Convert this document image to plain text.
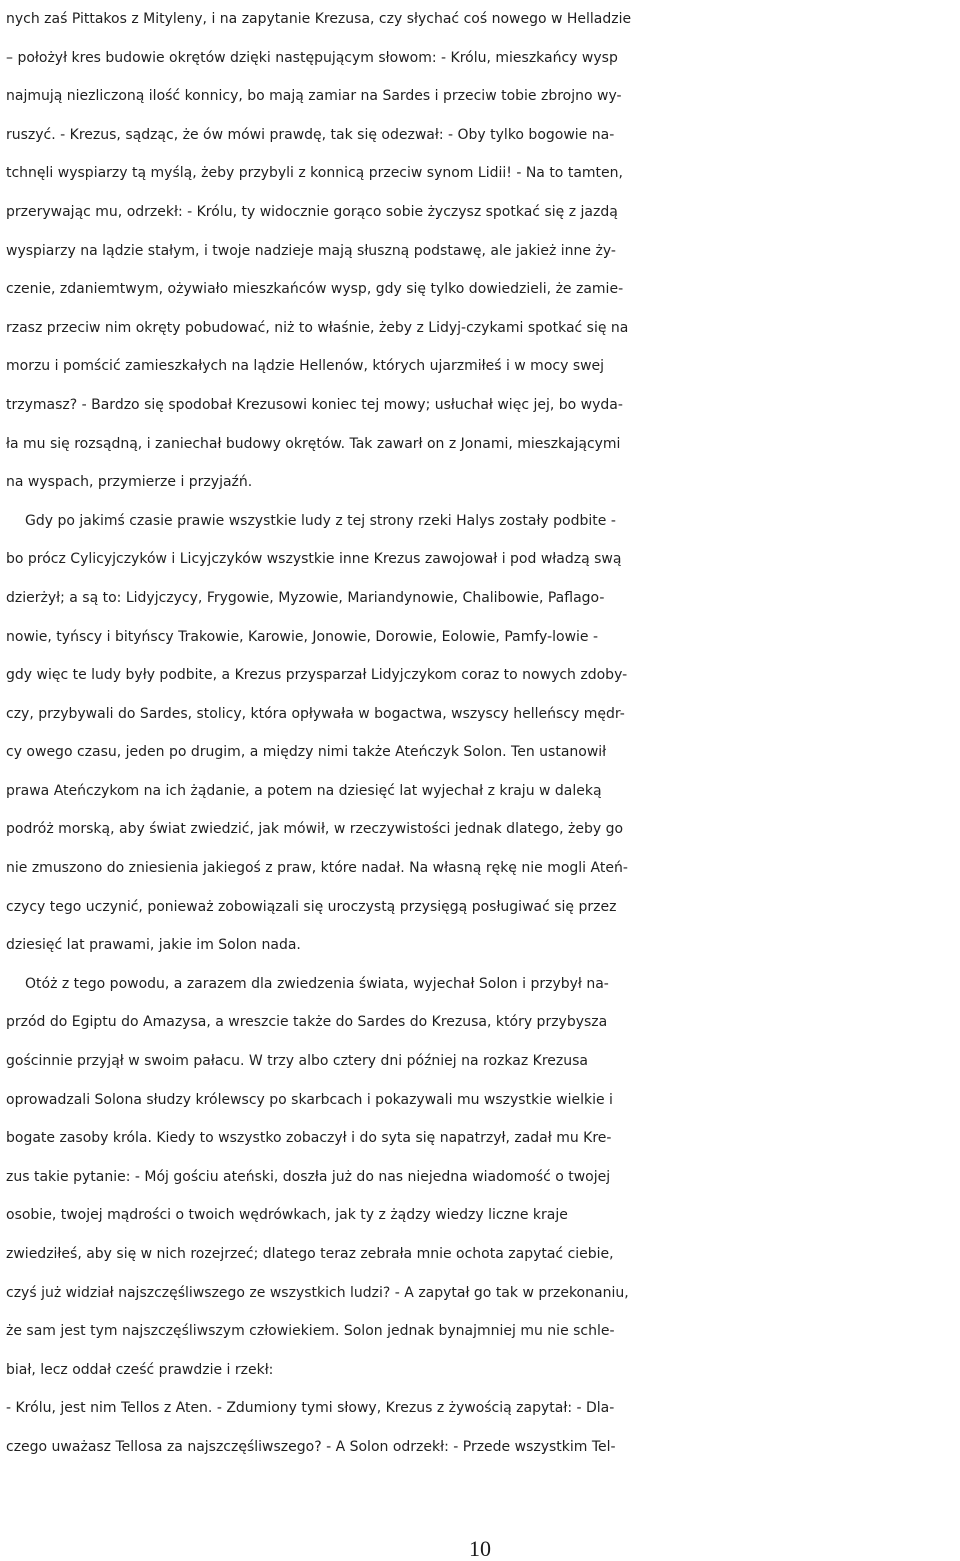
nych zaś Pittakos z Mityleny, i na zapytanie Krezusa, czy słychać coś nowego w Helladzie
– położył kres budowie okrętów dzięki następującym słowom: - Królu, mieszkańcy wysp
najmują niezliczoną ilość konnicy, bo mają zamiar na Sardes i przeciw tobie zbrojno wy-
ruszyć. - Krezus, sądząc, że ów mówi prawdę, tak się odezwał: - Oby tylko bogowie na-
tchnęli wyspiarzy tą myślą, żeby przybyli z konnicą przeciw synom Lidii! - Na to tamten,
przerywając mu, odrzekł: - Królu, ty widocznie gorąco sobie życzysz spotkać się z jazdą
wyspiarzy na lądzie stałym, i twoje nadzieje mają słuszną podstawę, ale jakież inne ży-
czenie, zdaniemtwym, ożywiało mieszkańców wysp, gdy się tylko dowiedzieli, że zamie-
rzasz przeciw nim okręty pobudować, niż to właśnie, żeby z Lidyj-czykami spotkać się na
morzu i pomścić zamieszkałych na lądzie Hellenów, których ujarzmiłeś i w mocy swej
trzymasz? - Bardzo się spodobał Krezusowi koniec tej mowy; usłuchał więc jej, bo wyda-
ła mu się rozsądną, i zaniechał budowy okrętów. Tak zawarł on z Jonami, mieszkającymi
na wyspach, przymierze i przyjaźń.
Gdy po jakimś czasie prawie wszystkie ludy z tej strony rzeki Halys zostały podbite -
bo prócz Cylicyjczyków i Licyjczyków wszystkie inne Krezus zawojował i pod władzą swą
dzierżył; a są to: Lidyjczycy, Frygowie, Myzowie, Mariandynowie, Chalibowie, Paflago-
nowie, tyńscy i bityńscy Trakowie, Karowie, Jonowie, Dorowie, Eolowie, Pamfy-lowie -
gdy więc te ludy były podbite, a Krezus przysparzał Lidyjczykom coraz to nowych zdoby-
czy, przybywali do Sardes, stolicy, która opływała w bogactwa, wszyscy helleńscy mędr-
cy owego czasu, jeden po drugim, a między nimi także Ateńczyk Solon. Ten ustanowił
prawa Ateńczykom na ich żądanie, a potem na dziesięć lat wyjechał z kraju w daleką
podróż morską, aby świat zwiedzić, jak mówił, w rzeczywistości jednak dlatego, żeby go
nie zmuszono do zniesienia jakiegoś z praw, które nadał. Na własną rękę nie mogli Ateń-
czycy tego uczynić, ponieważ zobowiązali się uroczystą przysięgą posługiwać się przez
dziesięć lat prawami, jakie im Solon nada.
Otóż z tego powodu, a zarazem dla zwiedzenia świata, wyjechał Solon i przybył na-
przód do Egiptu do Amazysa, a wreszcie także do Sardes do Krezusa, który przybysza
gościnnie przyjął w swoim pałacu. W trzy albo cztery dni później na rozkaz Krezusa
oprowadzali Solona słudzy królewscy po skarbcach i pokazywali mu wszystkie wielkie i
bogate zasoby króla. Kiedy to wszystko zobaczył i do syta się napatrzył, zadał mu Kre-
zus takie pytanie: - Mój gościu ateński, doszła już do nas niejedna wiadomość o twojej
osobie, twojej mądrości o twoich wędrówkach, jak ty z żądzy wiedzy liczne kraje
zwiedziłeś, aby się w nich rozejrzeć; dlatego teraz zebrała mnie ochota zapytać ciebie,
czyś już widział najszczęśliwszego ze wszystkich ludzi? - A zapytał go tak w przekonaniu,
że sam jest tym najszczęśliwszym człowiekiem. Solon jednak bynajmniej mu nie schle-
biał, lecz oddał cześć prawdzie i rzekł:
- Królu, jest nim Tellos z Aten. - Zdumiony tymi słowy, Krezus z żywością zapytał: - Dla-
czego uważasz Tellosa za najszczęśliwszego? - A Solon odrzekł: - Przede wszystkim Tel-
10
